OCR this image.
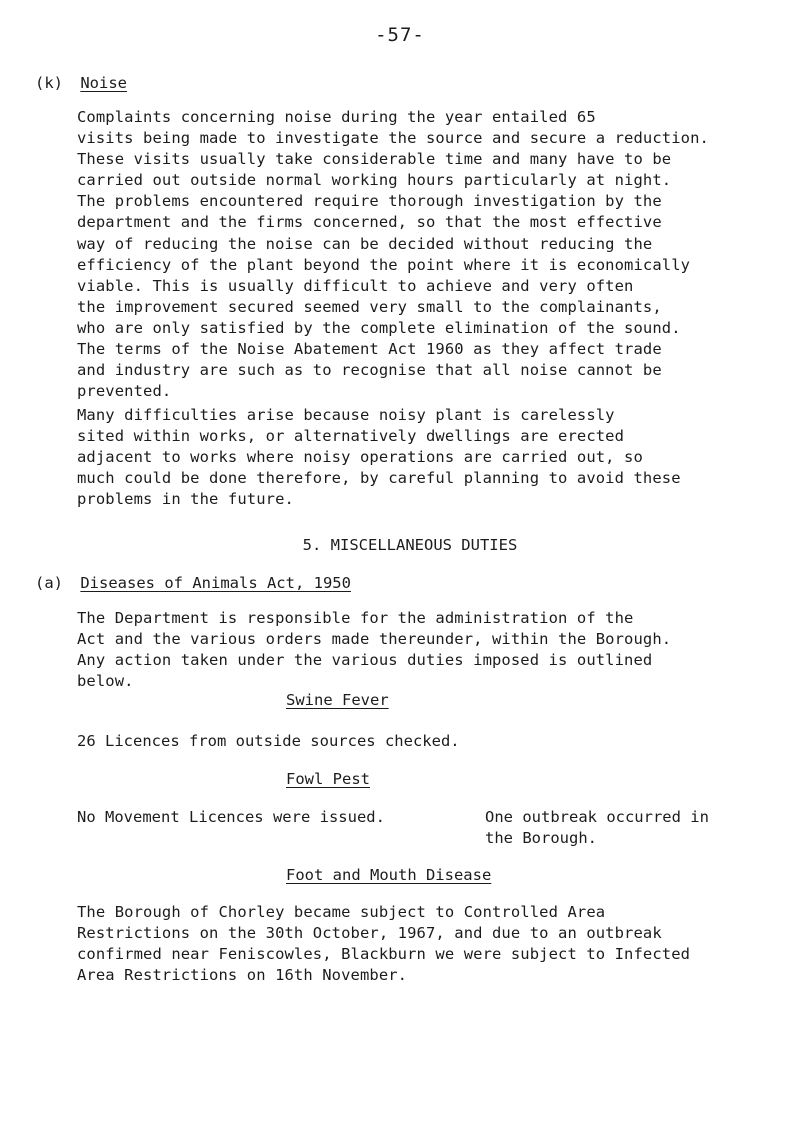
-57-
(k) Noise

Complaints concerning noise during the year entailed 65
visits being made to investigate the source and secure a reduction.
These visits usually take considerable time and many have to be
carried out outside normal working hours particularly at night.
The problems encountered require thorough investigation by the
department and the firms concerned, so that the most effective
way of reducing the noise can be decided without reducing the
efficiency of the plant beyond the point where it is economically
viable. This is usually difficult to achieve and very often
the improvement secured seemed very small to the complainants,
who are only satisfied by the complete elimination of the sound.
The terms of the Noise Abatement Act 1960 as they affect trade
and industry are such as to recognise that all noise cannot be
prevented.

Many difficulties arise because noisy plant is carelessly
sited within works, or alternatively dwellings are erected
adjacent to works where noisy operations are carried out, so
much could be done therefore, by careful planning to avoid these
problems in the future.

5. MISCELLANEOUS DUTIES
(a) Diseases of Animals Act, 1950

The Department is responsible for the administration of the
Act and the various orders made thereunder, within the Borough.
Any action taken under the various duties imposed is outlined
below.

Swine Fever
26 Licences from outside sources checked.
Fowl Pest
No Movement Licences were issued.	One outbreak occurred in
the Borough.
Foot and Mouth Disease

The Borough of Chorley became subject to Controlled Area
Restrictions on the 30th October, 1967, and due to an outbreak
confirmed near Feniscowles, Blackburn we were subject to Infected
Area Restrictions on 16th November.
